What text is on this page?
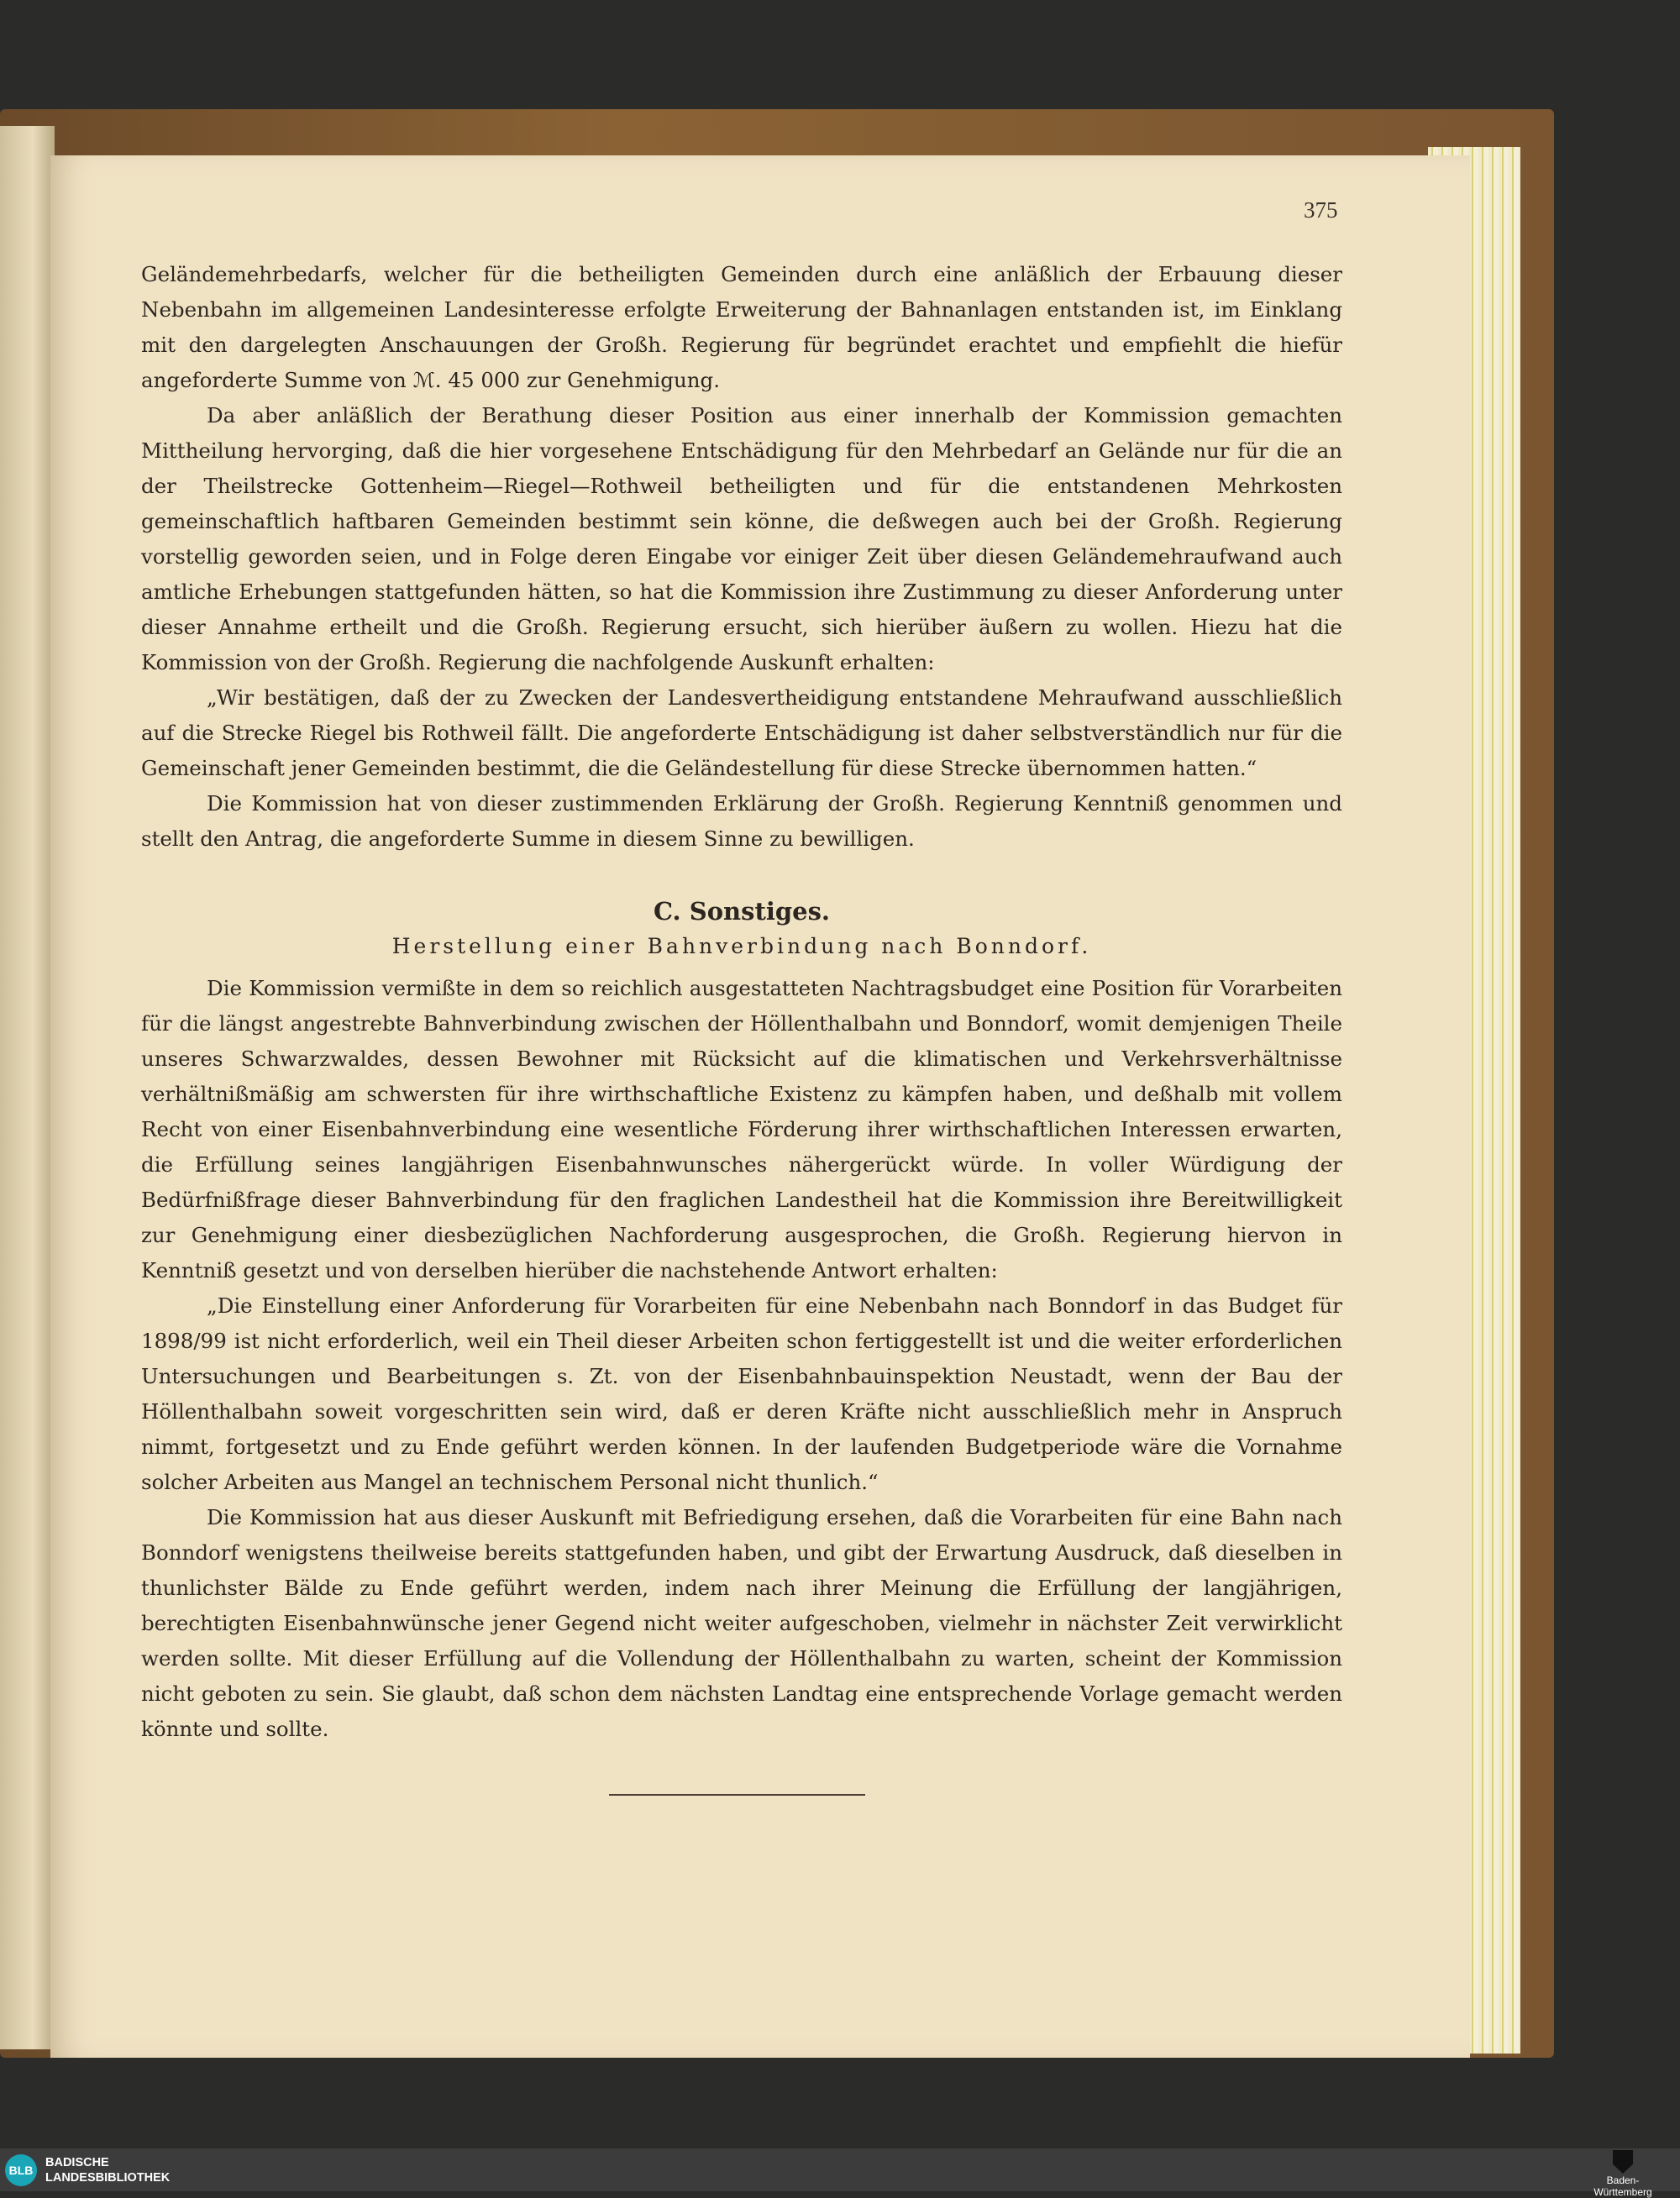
375

Geländemehrbedarfs, welcher für die betheiligten Gemeinden durch eine anläßlich der Erbauung dieser Nebenbahn im allgemeinen Landesinteresse erfolgte Erweiterung der Bahnanlagen entstanden ist, im Einklang mit den dargelegten Anschauungen der Großh. Regierung für begründet erachtet und empfiehlt die hiefür angeforderte Summe von ℳ. 45 000 zur Genehmigung.

Da aber anläßlich der Berathung dieser Position aus einer innerhalb der Kommission gemachten Mittheilung hervorging, daß die hier vorgesehene Entschädigung für den Mehrbedarf an Gelände nur für die an der Theilstrecke Gottenheim—Riegel—Rothweil betheiligten und für die entstandenen Mehrkosten gemeinschaftlich haftbaren Gemeinden bestimmt sein könne, die deßwegen auch bei der Großh. Regierung vorstellig geworden seien, und in Folge deren Eingabe vor einiger Zeit über diesen Geländemehraufwand auch amtliche Erhebungen stattgefunden hätten, so hat die Kommission ihre Zustimmung zu dieser Anforderung unter dieser Annahme ertheilt und die Großh. Regierung ersucht, sich hierüber äußern zu wollen. Hiezu hat die Kommission von der Großh. Regierung die nachfolgende Auskunft erhalten:

„Wir bestätigen, daß der zu Zwecken der Landesvertheidigung entstandene Mehraufwand ausschließlich auf die Strecke Riegel bis Rothweil fällt. Die angeforderte Entschädigung ist daher selbstverständlich nur für die Gemeinschaft jener Gemeinden bestimmt, die die Geländestellung für diese Strecke übernommen hatten.“

Die Kommission hat von dieser zustimmenden Erklärung der Großh. Regierung Kenntniß genommen und stellt den Antrag, die angeforderte Summe in diesem Sinne zu bewilligen.

C. Sonstiges.

Herstellung einer Bahnverbindung nach Bonndorf.

Die Kommission vermißte in dem so reichlich ausgestatteten Nachtragsbudget eine Position für Vorarbeiten für die längst angestrebte Bahnverbindung zwischen der Höllenthalbahn und Bonndorf, womit demjenigen Theile unseres Schwarzwaldes, dessen Bewohner mit Rücksicht auf die klimatischen und Verkehrsverhältnisse verhältnißmäßig am schwersten für ihre wirthschaftliche Existenz zu kämpfen haben, und deßhalb mit vollem Recht von einer Eisenbahnverbindung eine wesentliche Förderung ihrer wirthschaftlichen Interessen erwarten, die Erfüllung seines langjährigen Eisenbahnwunsches nähergerückt würde. In voller Würdigung der Bedürfnißfrage dieser Bahnverbindung für den fraglichen Landestheil hat die Kommission ihre Bereitwilligkeit zur Genehmigung einer diesbezüglichen Nachforderung ausgesprochen, die Großh. Regierung hiervon in Kenntniß gesetzt und von derselben hierüber die nachstehende Antwort erhalten:

„Die Einstellung einer Anforderung für Vorarbeiten für eine Nebenbahn nach Bonndorf in das Budget für 1898/99 ist nicht erforderlich, weil ein Theil dieser Arbeiten schon fertiggestellt ist und die weiter erforderlichen Untersuchungen und Bearbeitungen s. Zt. von der Eisenbahnbauinspektion Neustadt, wenn der Bau der Höllenthalbahn soweit vorgeschritten sein wird, daß er deren Kräfte nicht ausschließlich mehr in Anspruch nimmt, fortgesetzt und zu Ende geführt werden können. In der laufenden Budgetperiode wäre die Vornahme solcher Arbeiten aus Mangel an technischem Personal nicht thunlich.“

Die Kommission hat aus dieser Auskunft mit Befriedigung ersehen, daß die Vorarbeiten für eine Bahn nach Bonndorf wenigstens theilweise bereits stattgefunden haben, und gibt der Erwartung Ausdruck, daß dieselben in thunlichster Bälde zu Ende geführt werden, indem nach ihrer Meinung die Erfüllung der langjährigen, berechtigten Eisenbahnwünsche jener Gegend nicht weiter aufgeschoben, vielmehr in nächster Zeit verwirklicht werden sollte. Mit dieser Erfüllung auf die Vollendung der Höllenthalbahn zu warten, scheint der Kommission nicht geboten zu sein. Sie glaubt, daß schon dem nächsten Landtag eine entsprechende Vorlage gemacht werden könnte und sollte.

BLB
BADISCHE
LANDESBIBLIOTHEK	Baden-Württemberg
